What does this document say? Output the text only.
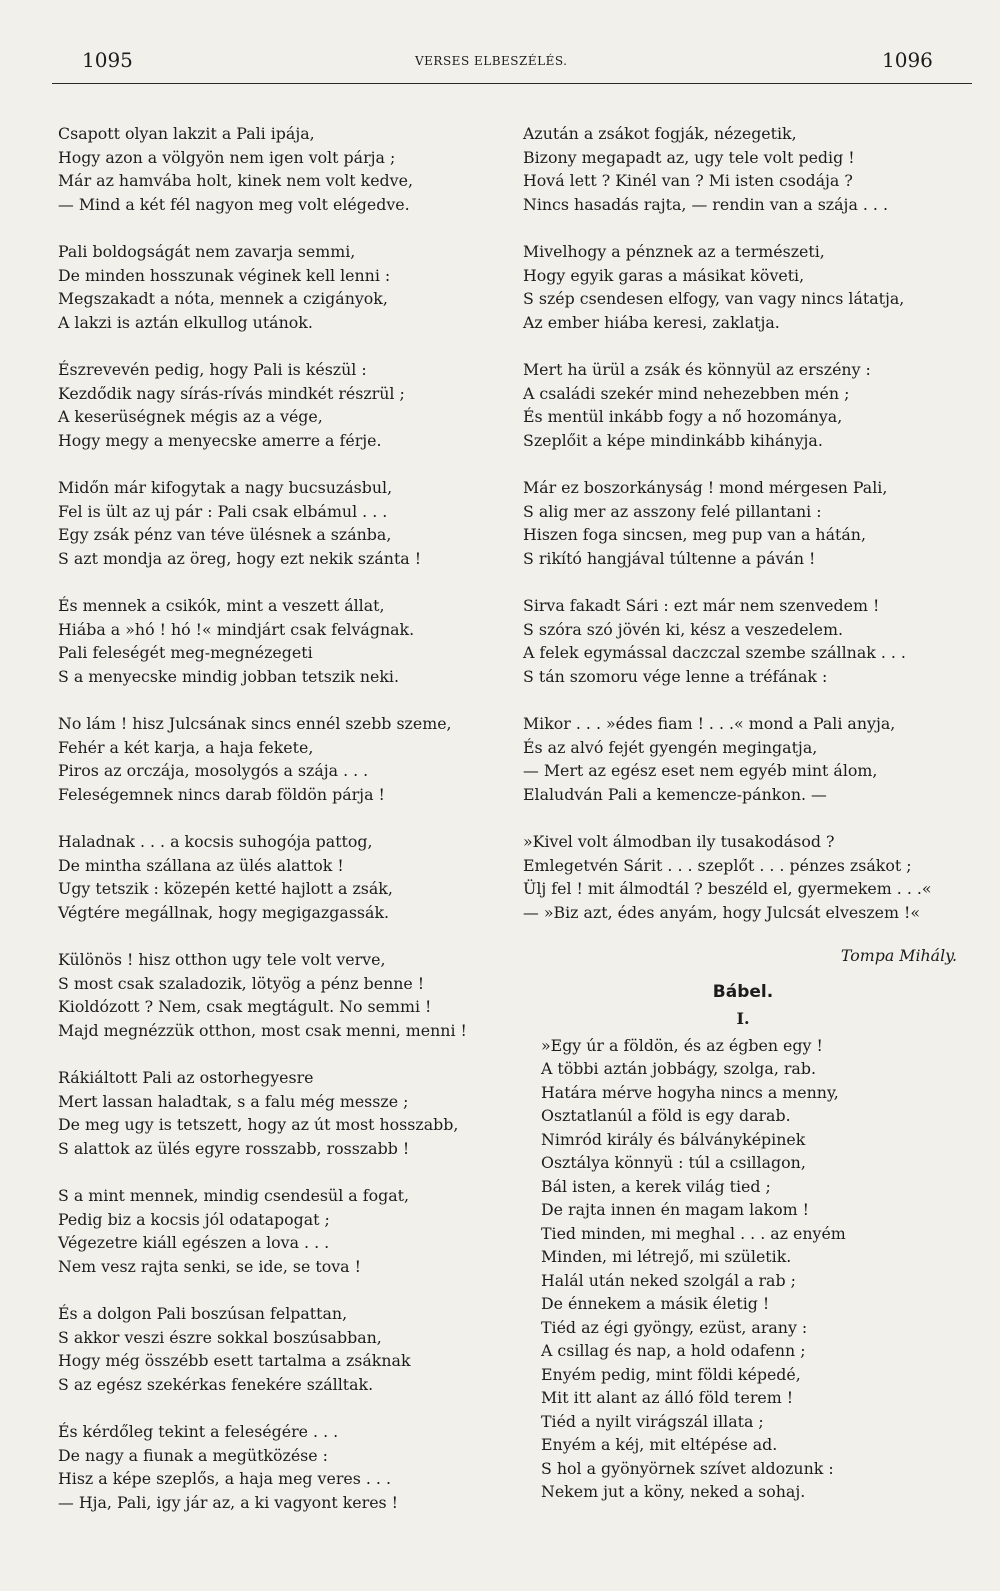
1095	VERSES ELBESZÉLÉS.	1096
Csapott olyan lakzit a Pali ipája,
Hogy azon a völgyön nem igen volt párja ;
Már az hamvába holt, kinek nem volt kedve,
— Mind a két fél nagyon meg volt elégedve.
Pali boldogságát nem zavarja semmi,
De minden hosszunak véginek kell lenni :
Megszakadt a nóta, mennek a czigányok,
A lakzi is aztán elkullog utánok.
Észrevevén pedig, hogy Pali is készül :
Kezdődik nagy sírás-rívás mindkét részrül ;
A keserüségnek mégis az a vége,
Hogy megy a menyecske amerre a férje.
Midőn már kifogytak a nagy bucsuzásbul,
Fel is ült az uj pár : Pali csak elbámul . . .
Egy zsák pénz van téve ülésnek a szánba,
S azt mondja az öreg, hogy ezt nekik szánta !
És mennek a csikók, mint a veszett állat,
Hiába a »hó ! hó !« mindjárt csak felvágnak.
Pali feleségét meg-megnézegeti
S a menyecske mindig jobban tetszik neki.
No lám ! hisz Julcsának sincs ennél szebb szeme,
Fehér a két karja, a haja fekete,
Piros az orczája, mosolygós a szája . . .
Feleségemnek nincs darab földön párja !
Haladnak . . . a kocsis suhogója pattog,
De mintha szállana az ülés alattok !
Ugy tetszik : közepén ketté hajlott a zsák,
Végtére megállnak, hogy megigazgassák.
Különös ! hisz otthon ugy tele volt verve,
S most csak szaladozik, lötyög a pénz benne !
Kioldózott ? Nem, csak megtágult. No semmi !
Majd megnézzük otthon, most csak menni, menni !
Rákiáltott Pali az ostorhegyesre
Mert lassan haladtak, s a falu még messze ;
De meg ugy is tetszett, hogy az út most hosszabb,
S alattok az ülés egyre rosszabb, rosszabb !
S a mint mennek, mindig csendesül a fogat,
Pedig biz a kocsis jól odatapogat ;
Végezetre kiáll egészen a lova . . .
Nem vesz rajta senki, se ide, se tova !
És a dolgon Pali boszúsan felpattan,
S akkor veszi észre sokkal boszúsabban,
Hogy még összébb esett tartalma a zsáknak
S az egész szekérkas fenekére szálltak.
És kérdőleg tekint a feleségére . . .
De nagy a fiunak a megütközése :
Hisz a képe szeplős, a haja meg veres . . .
— Hja, Pali, igy jár az, a ki vagyont keres !
Azután a zsákot fogják, nézegetik,
Bizony megapadt az, ugy tele volt pedig !
Hová lett ? Kinél van ? Mi isten csodája ?
Nincs hasadás rajta, — rendin van a szája . . .
Mivelhogy a pénznek az a természeti,
Hogy egyik garas a másikat követi,
S szép csendesen elfogy, van vagy nincs látatja,
Az ember hiába keresi, zaklatja.
Mert ha ürül a zsák és könnyül az erszény :
A családi szekér mind nehezebben mén ;
És mentül inkább fogy a nő hozománya,
Szeplőit a képe mindinkább kihányja.
Már ez boszorkányság ! mond mérgesen Pali,
S alig mer az asszony felé pillantani :
Hiszen foga sincsen, meg pup van a hátán,
S rikító hangjával túltenne a páván !
Sirva fakadt Sári : ezt már nem szenvedem !
S szóra szó jövén ki, kész a veszedelem.
A felek egymással daczczal szembe szállnak . . .
S tán szomoru vége lenne a tréfának :
Mikor . . . »édes fiam ! . . .« mond a Pali anyja,
És az alvó fejét gyengén megingatja,
— Mert az egész eset nem egyéb mint álom,
Elaludván Pali a kemencze-pánkon. —
»Kivel volt álmodban ily tusakodásod ?
Emlegetvén Sárit . . . szeplőt . . . pénzes zsákot ;
Ülj fel ! mit álmodtál ? beszéld el, gyermekem . . .«
— »Biz azt, édes anyám, hogy Julcsát elveszem !«
Tompa Mihály.
Bábel.
I.
»Egy úr a földön, és az égben egy !
A többi aztán jobbágy, szolga, rab.
Határa mérve hogyha nincs a menny,
Osztatlanúl a föld is egy darab.
Nimród király és bálványképinek
Osztálya könnyü : túl a csillagon,
Bál isten, a kerek világ tied ;
De rajta innen én magam lakom !
Tied minden, mi meghal . . . az enyém
Minden, mi létrejő, mi születik.
Halál után neked szolgál a rab ;
De énnekem a másik életig !
Tiéd az égi gyöngy, ezüst, arany :
A csillag és nap, a hold odafenn ;
Enyém pedig, mint földi képedé,
Mit itt alant az álló föld terem !
Tiéd a nyilt virágszál illata ;
Enyém a kéj, mit eltépése ad.
S hol a gyönyörnek szívet aldozunk :
Nekem jut a köny, neked a sohaj.
